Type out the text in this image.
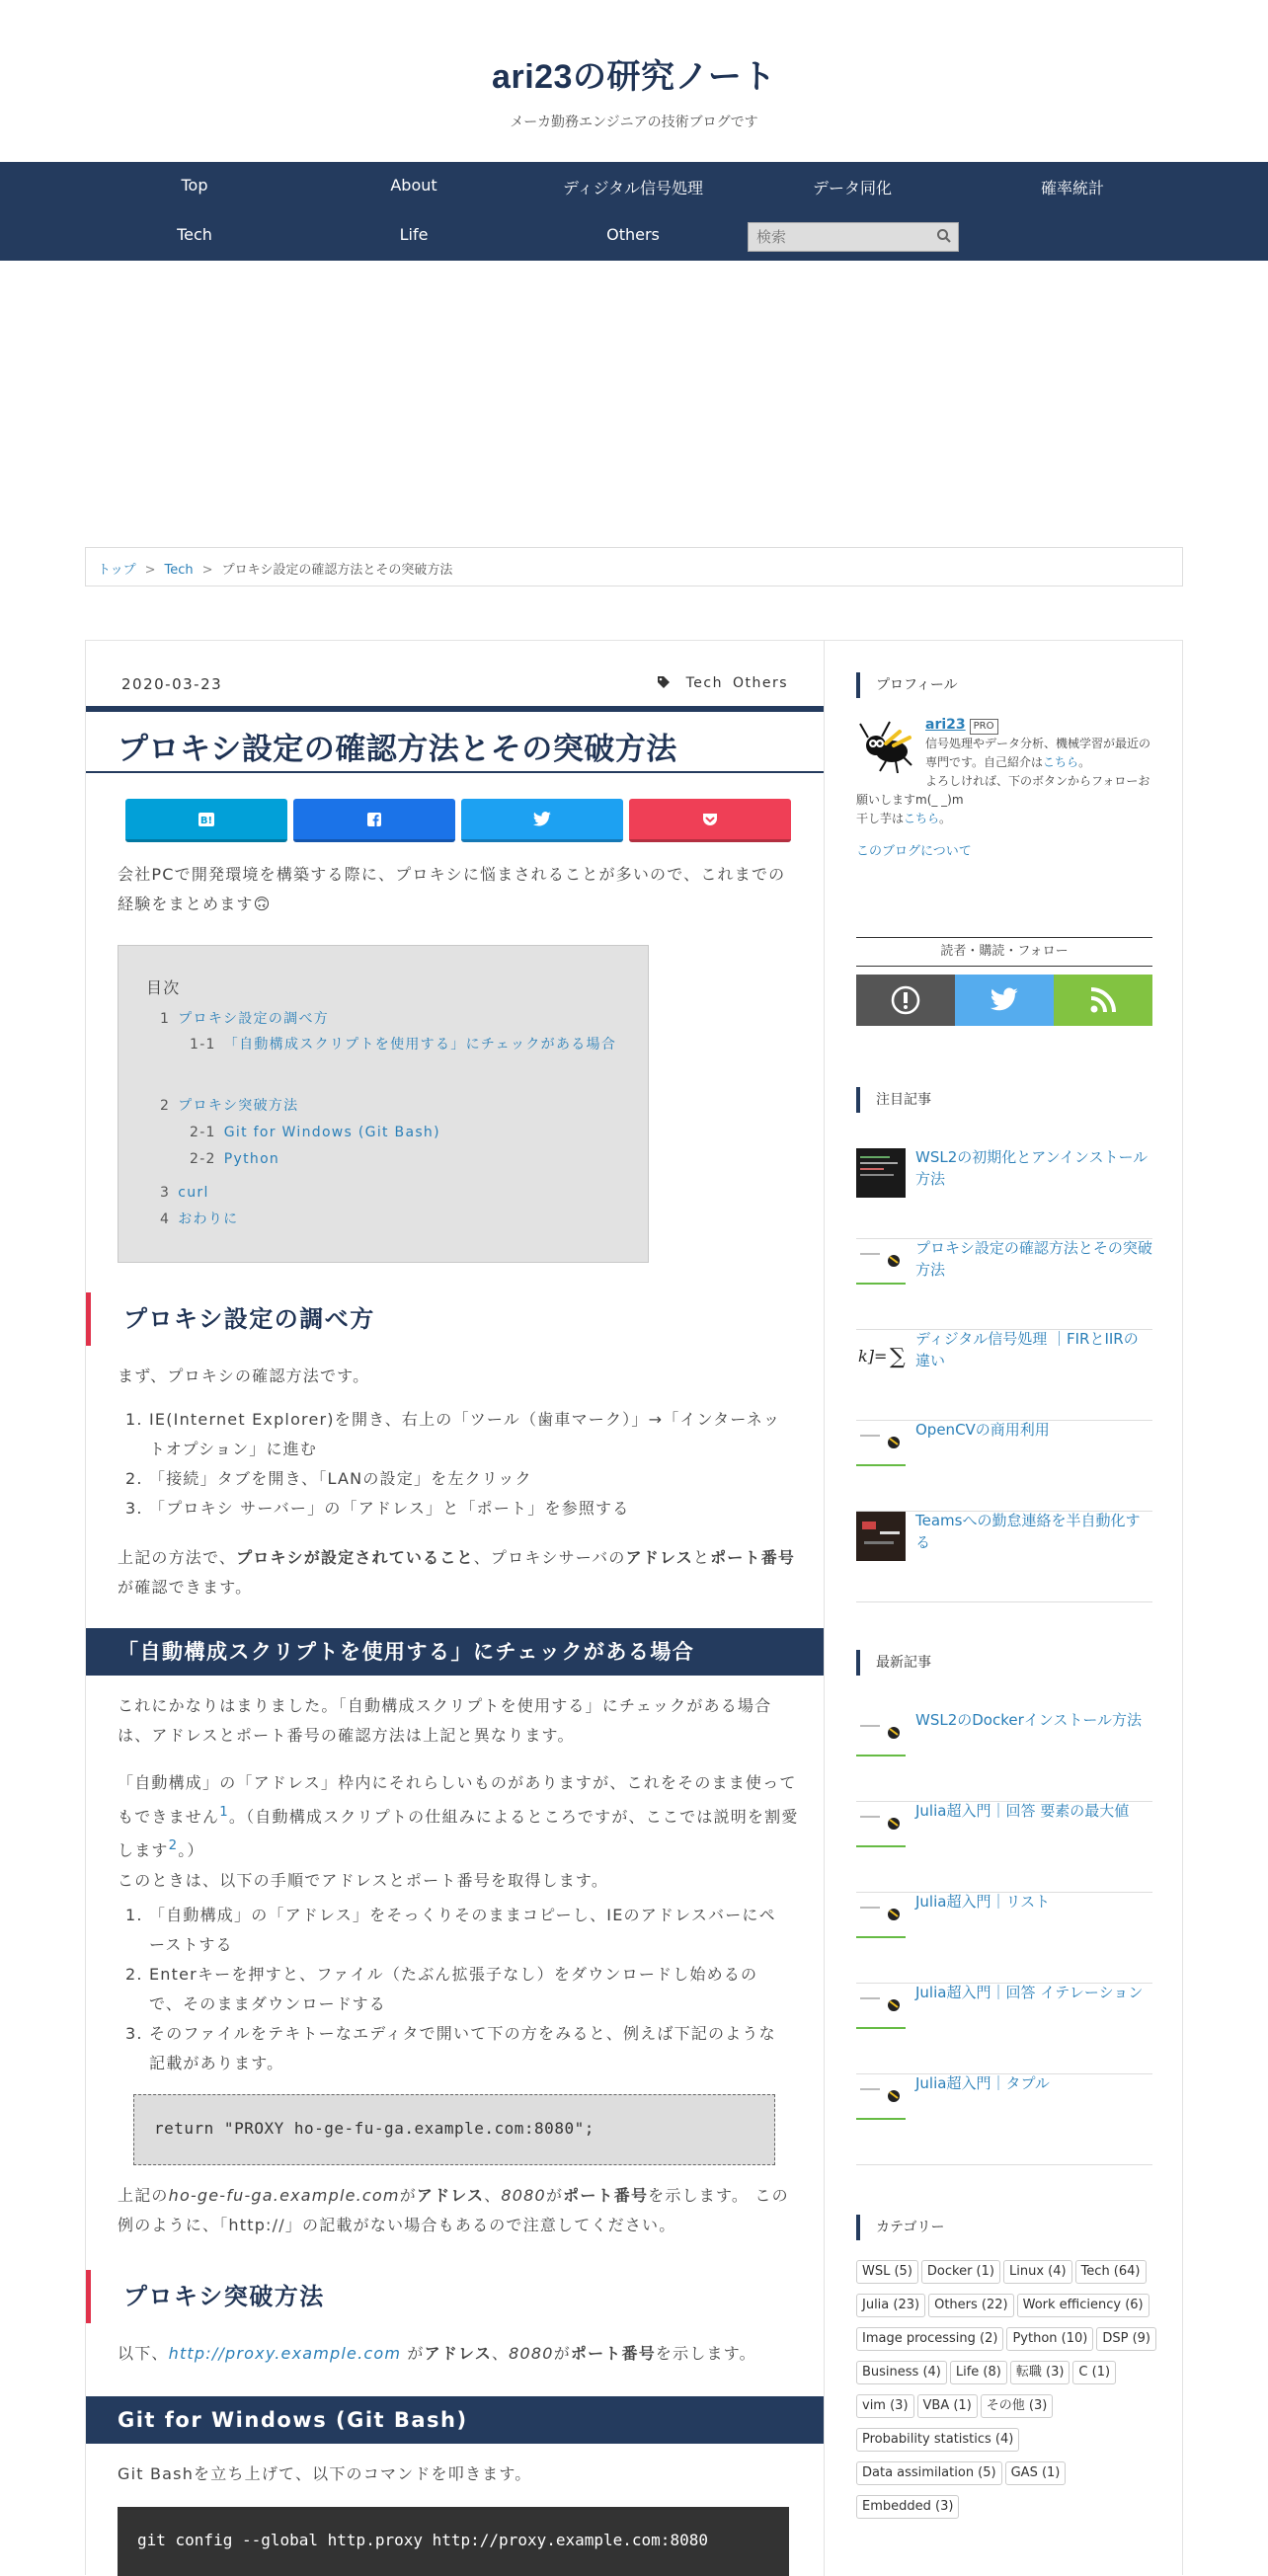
ari23の研究ノート
メーカ勤務エンジニアの技術ブログです
Top	About	ディジタル信号処理	データ同化	確率統計
Tech	Life	Others
検索
トップ > Tech > プロキシ設定の確認方法とその突破方法
2020-03-23	Tech Others
プロキシ設定の確認方法とその突破方法
B!

会社PCで開発環境を構築する際に、プロキシに悩まされることが多いので、これまでの経験をまとめます🙃

目次
1 プロキシ設定の調べ方
1-1 「自動構成スクリプトを使用する」にチェックがある場合
2 プロキシ突破方法
2-1 Git for Windows (Git Bash)
2-2 Python
3 curl
4 おわりに
プロキシ設定の調べ方

まず、プロキシの確認方法です。

1. IE(Internet Explorer)を開き、右上の「ツール（歯車マーク）」→「インターネットオプション」に進む
2. 「接続」タブを開き、「LANの設定」を左クリック
3. 「プロキシ サーバー」の「アドレス」と「ポート」を参照する

上記の方法で、プロキシが設定されていること、プロキシサーバのアドレスとポート番号が確認できます。

「自動構成スクリプトを使用する」にチェックがある場合

これにかなりはまりました。「自動構成スクリプトを使用する」にチェックがある場合は、アドレスとポート番号の確認方法は上記と異なります。

「自動構成」の「アドレス」枠内にそれらしいものがありますが、これをそのまま使ってもできません$^1$。（自動構成スクリプトの仕組みによるところですが、ここでは説明を割愛します$^2$。）
このときは、以下の手順でアドレスとポート番号を取得します。

1. 「自動構成」の「アドレス」をそっくりそのままコピーし、IEのアドレスバーにペーストする
2. Enterキーを押すと、ファイル（たぶん拡張子なし）をダウンロードし始めるので、そのままダウンロードする
3. そのファイルをテキトーなエディタで開いて下の方をみると、例えば下記のような記載があります。
return "PROXY ho-ge-fu-ga.example.com:8080";

上記のho-ge-fu-ga.example.comがアドレス、8080がポート番号を示します。 この例のように、「http://」の記載がない場合もあるので注意してください。

プロキシ突破方法

以下、http://proxy.example.com がアドレス、8080がポート番号を示します。

Git for Windows (Git Bash)

Git Bashを立ち上げて、以下のコマンドを叩きます。

git config --global http.proxy http://proxy.example.com:8080
プロフィール
ari23 PRO
信号処理やデータ分析、機械学習が最近の専門です。自己紹介はこちら。
よろしければ、下のボタンからフォローお願いしますm(_ _)m
干し芋はこちら。
このブログについて
読者・購読・フォロー
注目記事
WSL2の初期化とアンインストール方法
プロキシ設定の確認方法とその突破方法
k]= ∑
ディジタル信号処理 ｜FIRとIIRの違い
OpenCVの商用利用
Teamsへの勤怠連絡を半自動化する
最新記事
WSL2のDockerインストール方法
Julia超入門｜回答 要素の最大値
Julia超入門｜リスト
Julia超入門｜回答 イテレーション
Julia超入門｜タプル
カテゴリー
WSL (5) Docker (1) Linux (4) Tech (64)Julia (23) Others (22) Work efficiency (6)Image processing (2) Python (10) DSP (9)Business (4) Life (8) 転職 (3) C (1)vim (3) VBA (1) その他 (3)Probability statistics (4)Data assimilation (5) GAS (1)Embedded (3)
